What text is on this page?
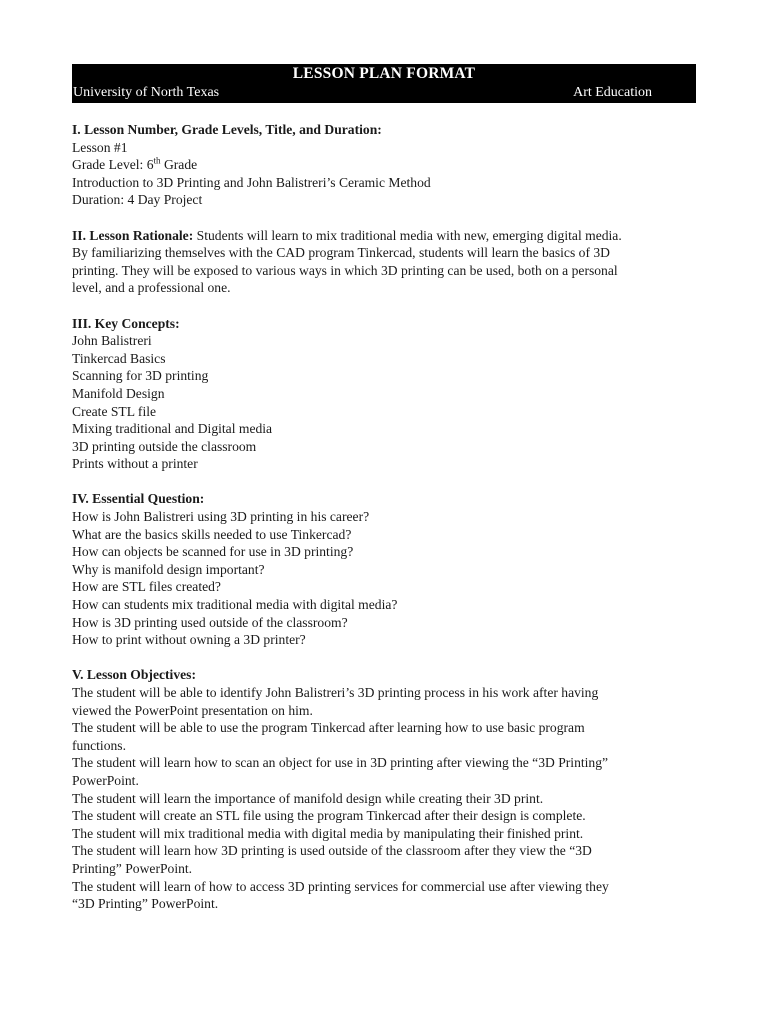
LESSON PLAN FORMAT
University of North Texas	Art Education
I. Lesson Number, Grade Levels, Title, and Duration:
Lesson #1
Grade Level: 6th Grade
Introduction to 3D Printing and John Balistreri’s Ceramic Method
Duration: 4 Day Project
II. Lesson Rationale: Students will learn to mix traditional media with new, emerging digital media.
By familiarizing themselves with the CAD program Tinkercad, students will learn the basics of 3D
printing. They will be exposed to various ways in which 3D printing can be used, both on a personal
level, and a professional one.
III. Key Concepts:
John Balistreri
Tinkercad Basics
Scanning for 3D printing
Manifold Design
Create STL file
Mixing traditional and Digital media
3D printing outside the classroom
Prints without a printer
IV. Essential Question:
How is John Balistreri using 3D printing in his career?
What are the basics skills needed to use Tinkercad?
How can objects be scanned for use in 3D printing?
Why is manifold design important?
How are STL files created?
How can students mix traditional media with digital media?
How is 3D printing used outside of the classroom?
How to print without owning a 3D printer?
V. Lesson Objectives:
The student will be able to identify John Balistreri’s 3D printing process in his work after having
viewed the PowerPoint presentation on him.
The student will be able to use the program Tinkercad after learning how to use basic program
functions.
The student will learn how to scan an object for use in 3D printing after viewing the “3D Printing”
PowerPoint.
The student will learn the importance of manifold design while creating their 3D print.
The student will create an STL file using the program Tinkercad after their design is complete.
The student will mix traditional media with digital media by manipulating their finished print.
The student will learn how 3D printing is used outside of the classroom after they view the “3D
Printing” PowerPoint.
The student will learn of how to access 3D printing services for commercial use after viewing they
“3D Printing” PowerPoint.
